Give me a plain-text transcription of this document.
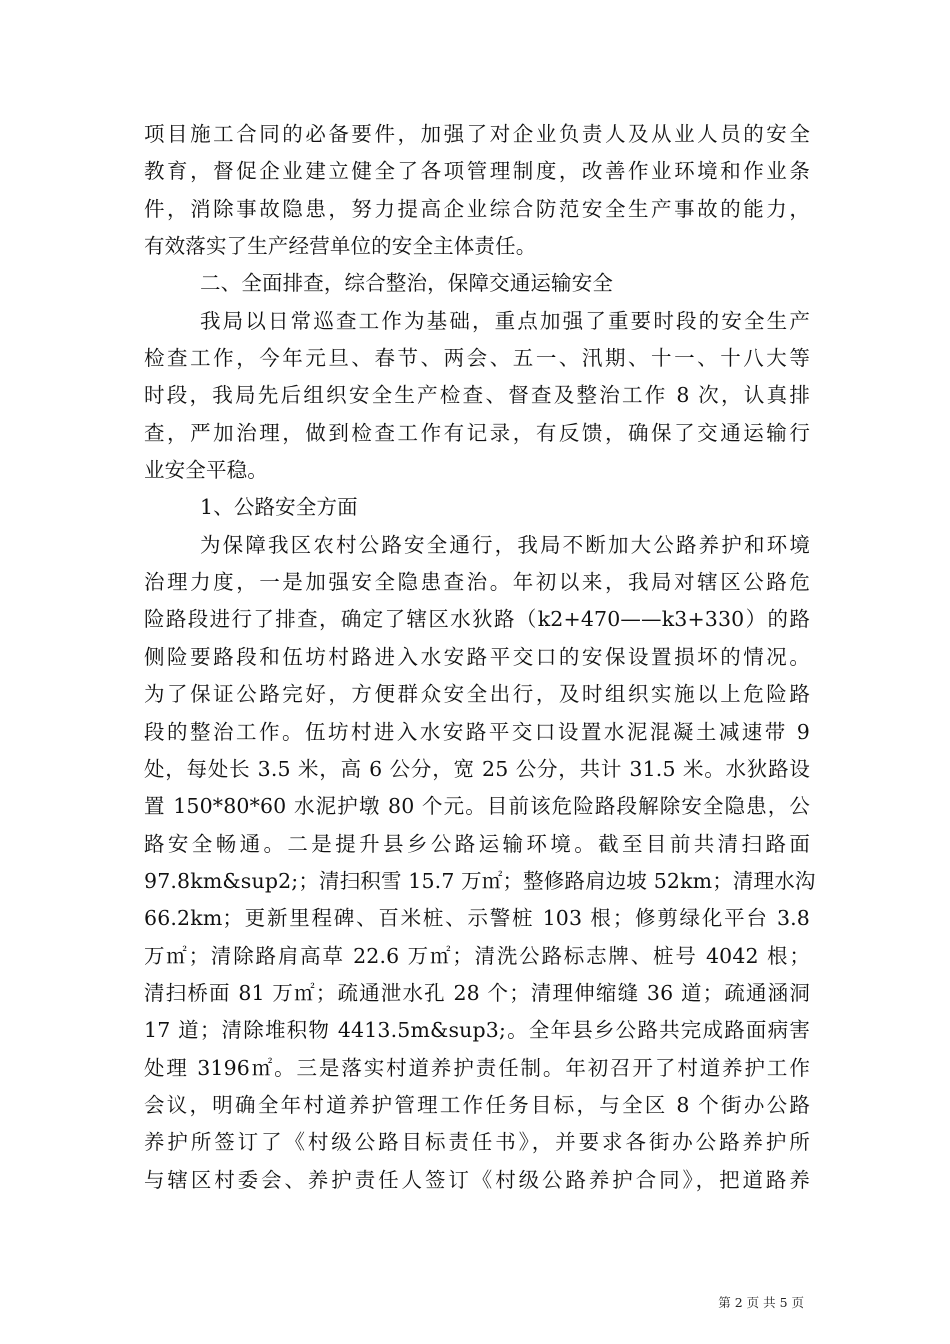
项目施工合同的必备要件，加强了对企业负责人及从业人员的安全
教育，督促企业建立健全了各项管理制度，改善作业环境和作业条
件，消除事故隐患，努力提高企业综合防范安全生产事故的能力，
有效落实了生产经营单位的安全主体责任。
二、全面排查，综合整治，保障交通运输安全
我局以日常巡查工作为基础，重点加强了重要时段的安全生产
检查工作，今年元旦、春节、两会、五一、汛期、十一、十八大等
时段，我局先后组织安全生产检查、督查及整治工作 8 次，认真排
查，严加治理，做到检查工作有记录，有反馈，确保了交通运输行
业安全平稳。
1、公路安全方面
为保障我区农村公路安全通行，我局不断加大公路养护和环境
治理力度，一是加强安全隐患查治。年初以来，我局对辖区公路危
险路段进行了排查，确定了辖区水狄路（k2+470——k3+330）的路
侧险要路段和伍坊村路进入水安路平交口的安保设置损坏的情况。
为了保证公路完好，方便群众安全出行，及时组织实施以上危险路
段的整治工作。伍坊村进入水安路平交口设置水泥混凝土减速带 9
处，每处长 3.5 米，高 6 公分，宽 25 公分，共计 31.5 米。水狄路设
置 150*80*60 水泥护墩 80 个元。目前该危险路段解除安全隐患，公
路安全畅通。二是提升县乡公路运输环境。截至目前共清扫路面
97.8km&sup2;；清扫积雪 15.7 万㎡；整修路肩边坡 52km；清理水沟
66.2km；更新里程碑、百米桩、示警桩 103 根；修剪绿化平台 3.8
万㎡；清除路肩高草 22.6 万㎡；清洗公路标志牌、桩号 4042 根；
清扫桥面 81 万㎡；疏通泄水孔 28 个；清理伸缩缝 36 道；疏通涵洞
17 道；清除堆积物 4413.5m&sup3;。全年县乡公路共完成路面病害
处理 3196㎡。三是落实村道养护责任制。年初召开了村道养护工作
会议，明确全年村道养护管理工作任务目标，与全区 8 个街办公路
养护所签订了《村级公路目标责任书》，并要求各街办公路养护所
与辖区村委会、养护责任人签订《村级公路养护合同》，把道路养
第 2 页 共 5 页
